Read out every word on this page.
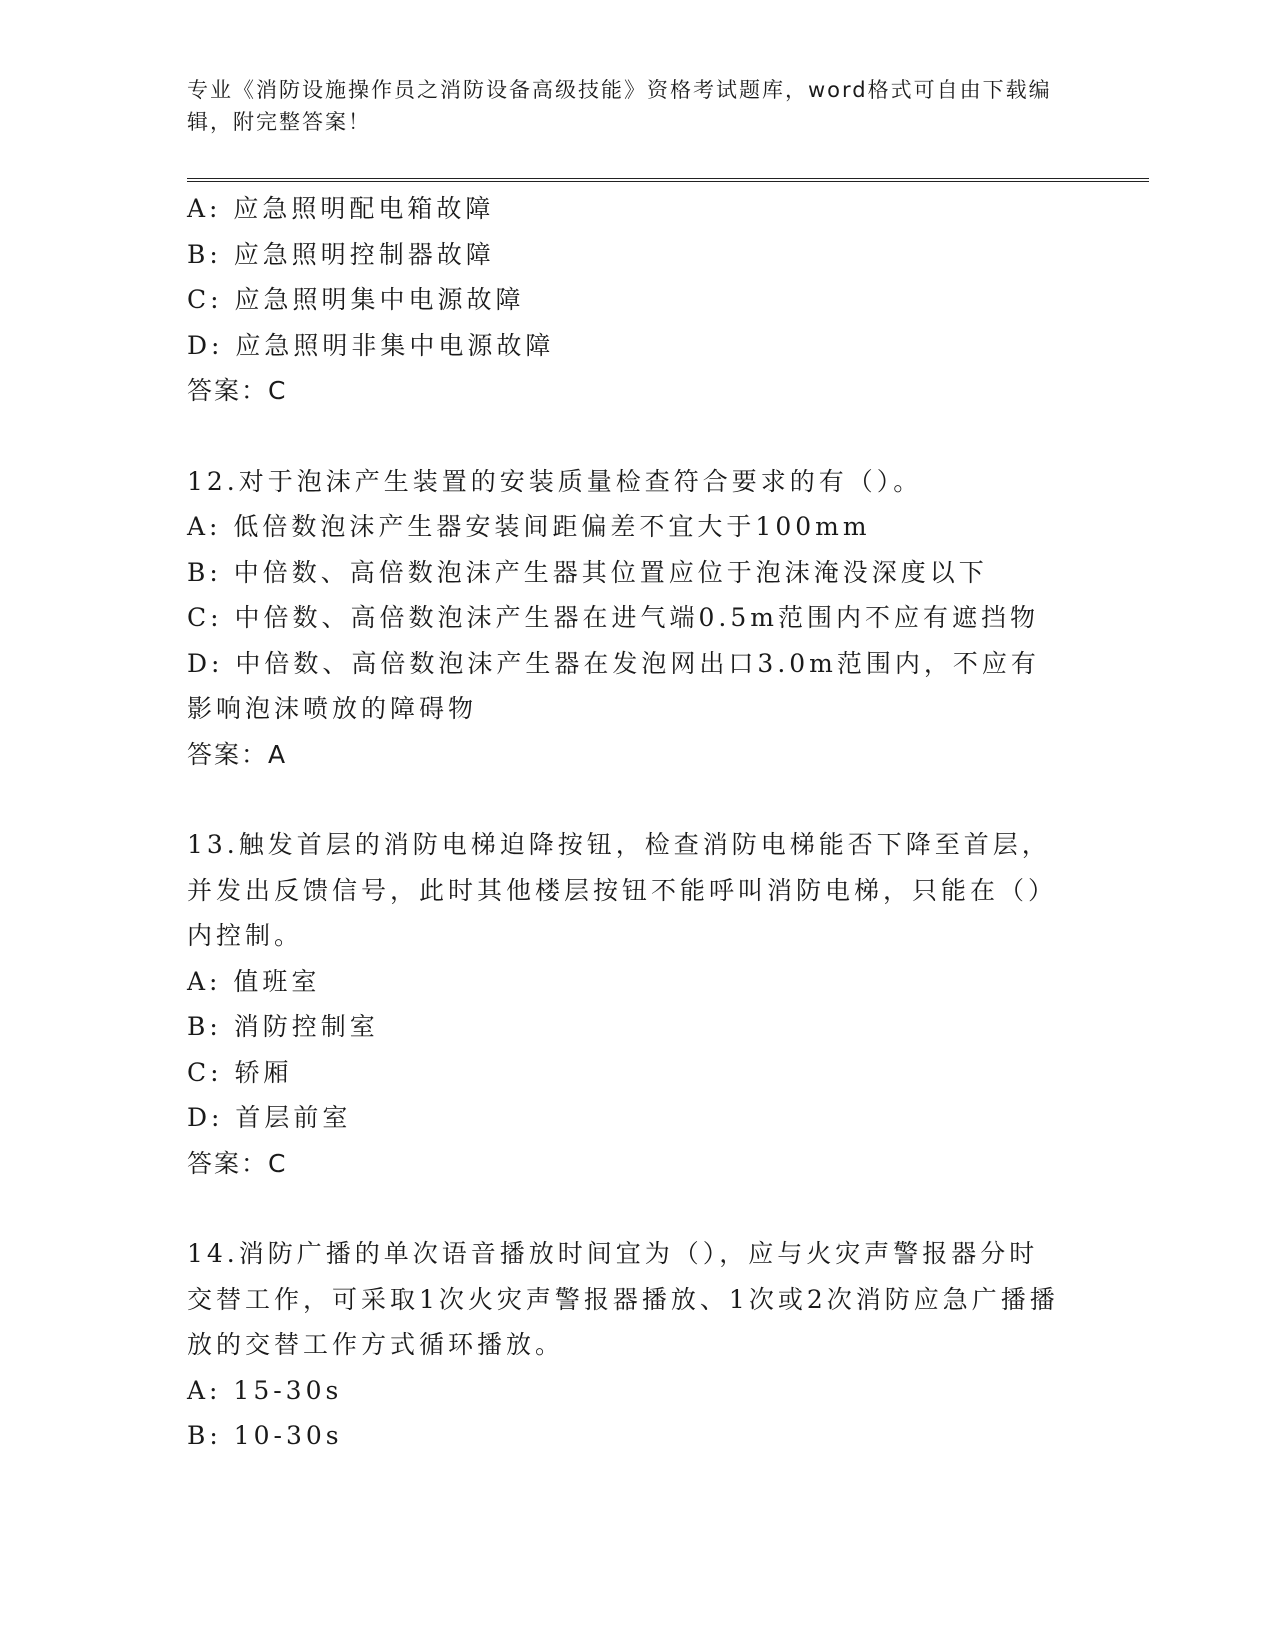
专业《消防设施操作员之消防设备高级技能》资格考试题库，word格式可自由下载编辑，附完整答案！
A: 应急照明配电箱故障
B: 应急照明控制器故障
C: 应急照明集中电源故障
D: 应急照明非集中电源故障
答案：C
12.对于泡沫产生装置的安装质量检查符合要求的有（）。
A: 低倍数泡沫产生器安装间距偏差不宜大于100mm
B: 中倍数、高倍数泡沫产生器其位置应位于泡沫淹没深度以下
C: 中倍数、高倍数泡沫产生器在进气端0.5m范围内不应有遮挡物
D: 中倍数、高倍数泡沫产生器在发泡网出口3.0m范围内，不应有影响泡沫喷放的障碍物
答案：A
13.触发首层的消防电梯迫降按钮，检查消防电梯能否下降至首层，并发出反馈信号，此时其他楼层按钮不能呼叫消防电梯，只能在（）内控制。
A: 值班室
B: 消防控制室
C: 轿厢
D: 首层前室
答案：C
14.消防广播的单次语音播放时间宜为（），应与火灾声警报器分时交替工作，可采取1次火灾声警报器播放、1次或2次消防应急广播播放的交替工作方式循环播放。
A: 15-30s
B: 10-30s
